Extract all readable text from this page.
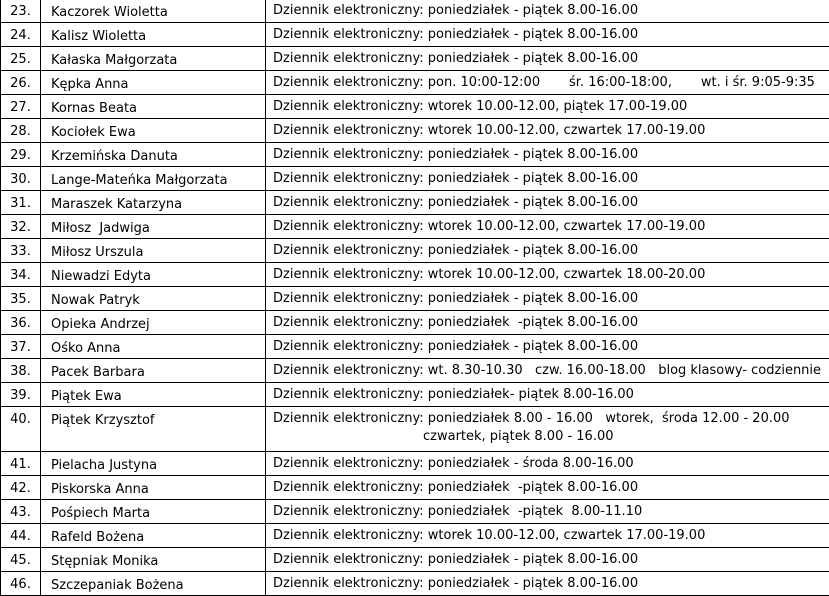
23.	Kaczorek Wioletta	Dziennik elektroniczny: poniedziałek - piątek 8.00-16.00
24.	Kalisz Wioletta	Dziennik elektroniczny: poniedziałek - piątek 8.00-16.00
25.	Kałaska Małgorzata	Dziennik elektroniczny: poniedziałek - piątek 8.00-16.00
26.	Kępka Anna	Dziennik elektroniczny: pon. 10:00-12:00       śr. 16:00-18:00,       wt. i śr. 9:05-9:35
27.	Kornas Beata	Dziennik elektroniczny: wtorek 10.00-12.00, piątek 17.00-19.00
28.	Kociołek Ewa	Dziennik elektroniczny: wtorek 10.00-12.00, czwartek 17.00-19.00
29.	Krzemińska Danuta	Dziennik elektroniczny: poniedziałek - piątek 8.00-16.00
30.	Lange-Mateńka Małgorzata	Dziennik elektroniczny: poniedziałek - piątek 8.00-16.00
31.	Maraszek Katarzyna	Dziennik elektroniczny: poniedziałek - piątek 8.00-16.00
32.	Miłosz  Jadwiga	Dziennik elektroniczny: wtorek 10.00-12.00, czwartek 17.00-19.00
33.	Miłosz Urszula	Dziennik elektroniczny: poniedziałek - piątek 8.00-16.00
34.	Niewadzi Edyta	Dziennik elektroniczny: wtorek 10.00-12.00, czwartek 18.00-20.00
35.	Nowak Patryk	Dziennik elektroniczny: poniedziałek - piątek 8.00-16.00
36.	Opieka Andrzej	Dziennik elektroniczny: poniedziałek  -piątek 8.00-16.00
37.	Ośko Anna	Dziennik elektroniczny: poniedziałek - piątek 8.00-16.00
38.	Pacek Barbara	Dziennik elektroniczny: wt. 8.30-10.30   czw. 16.00-18.00   blog klasowy- codziennie
39.	Piątek Ewa	Dziennik elektroniczny: poniedziałek- piątek 8.00-16.00
40.	Piątek Krzysztof	Dziennik elektroniczny: poniedziałek 8.00 - 16.00   wtorek,  środa 12.00 - 20.00
czwartek, piątek 8.00 - 16.00

41.	Pielacha Justyna	Dziennik elektroniczny: poniedziałek - środa 8.00-16.00
42.	Piskorska Anna	Dziennik elektroniczny: poniedziałek  -piątek 8.00-16.00
43.	Pośpiech Marta	Dziennik elektroniczny: poniedziałek  -piątek  8.00-11.10
44.	Rafeld Bożena	Dziennik elektroniczny: wtorek 10.00-12.00, czwartek 17.00-19.00
45.	Stępniak Monika	Dziennik elektroniczny: poniedziałek - piątek 8.00-16.00
46.	Szczepaniak Bożena	Dziennik elektroniczny: poniedziałek - piątek 8.00-16.00
